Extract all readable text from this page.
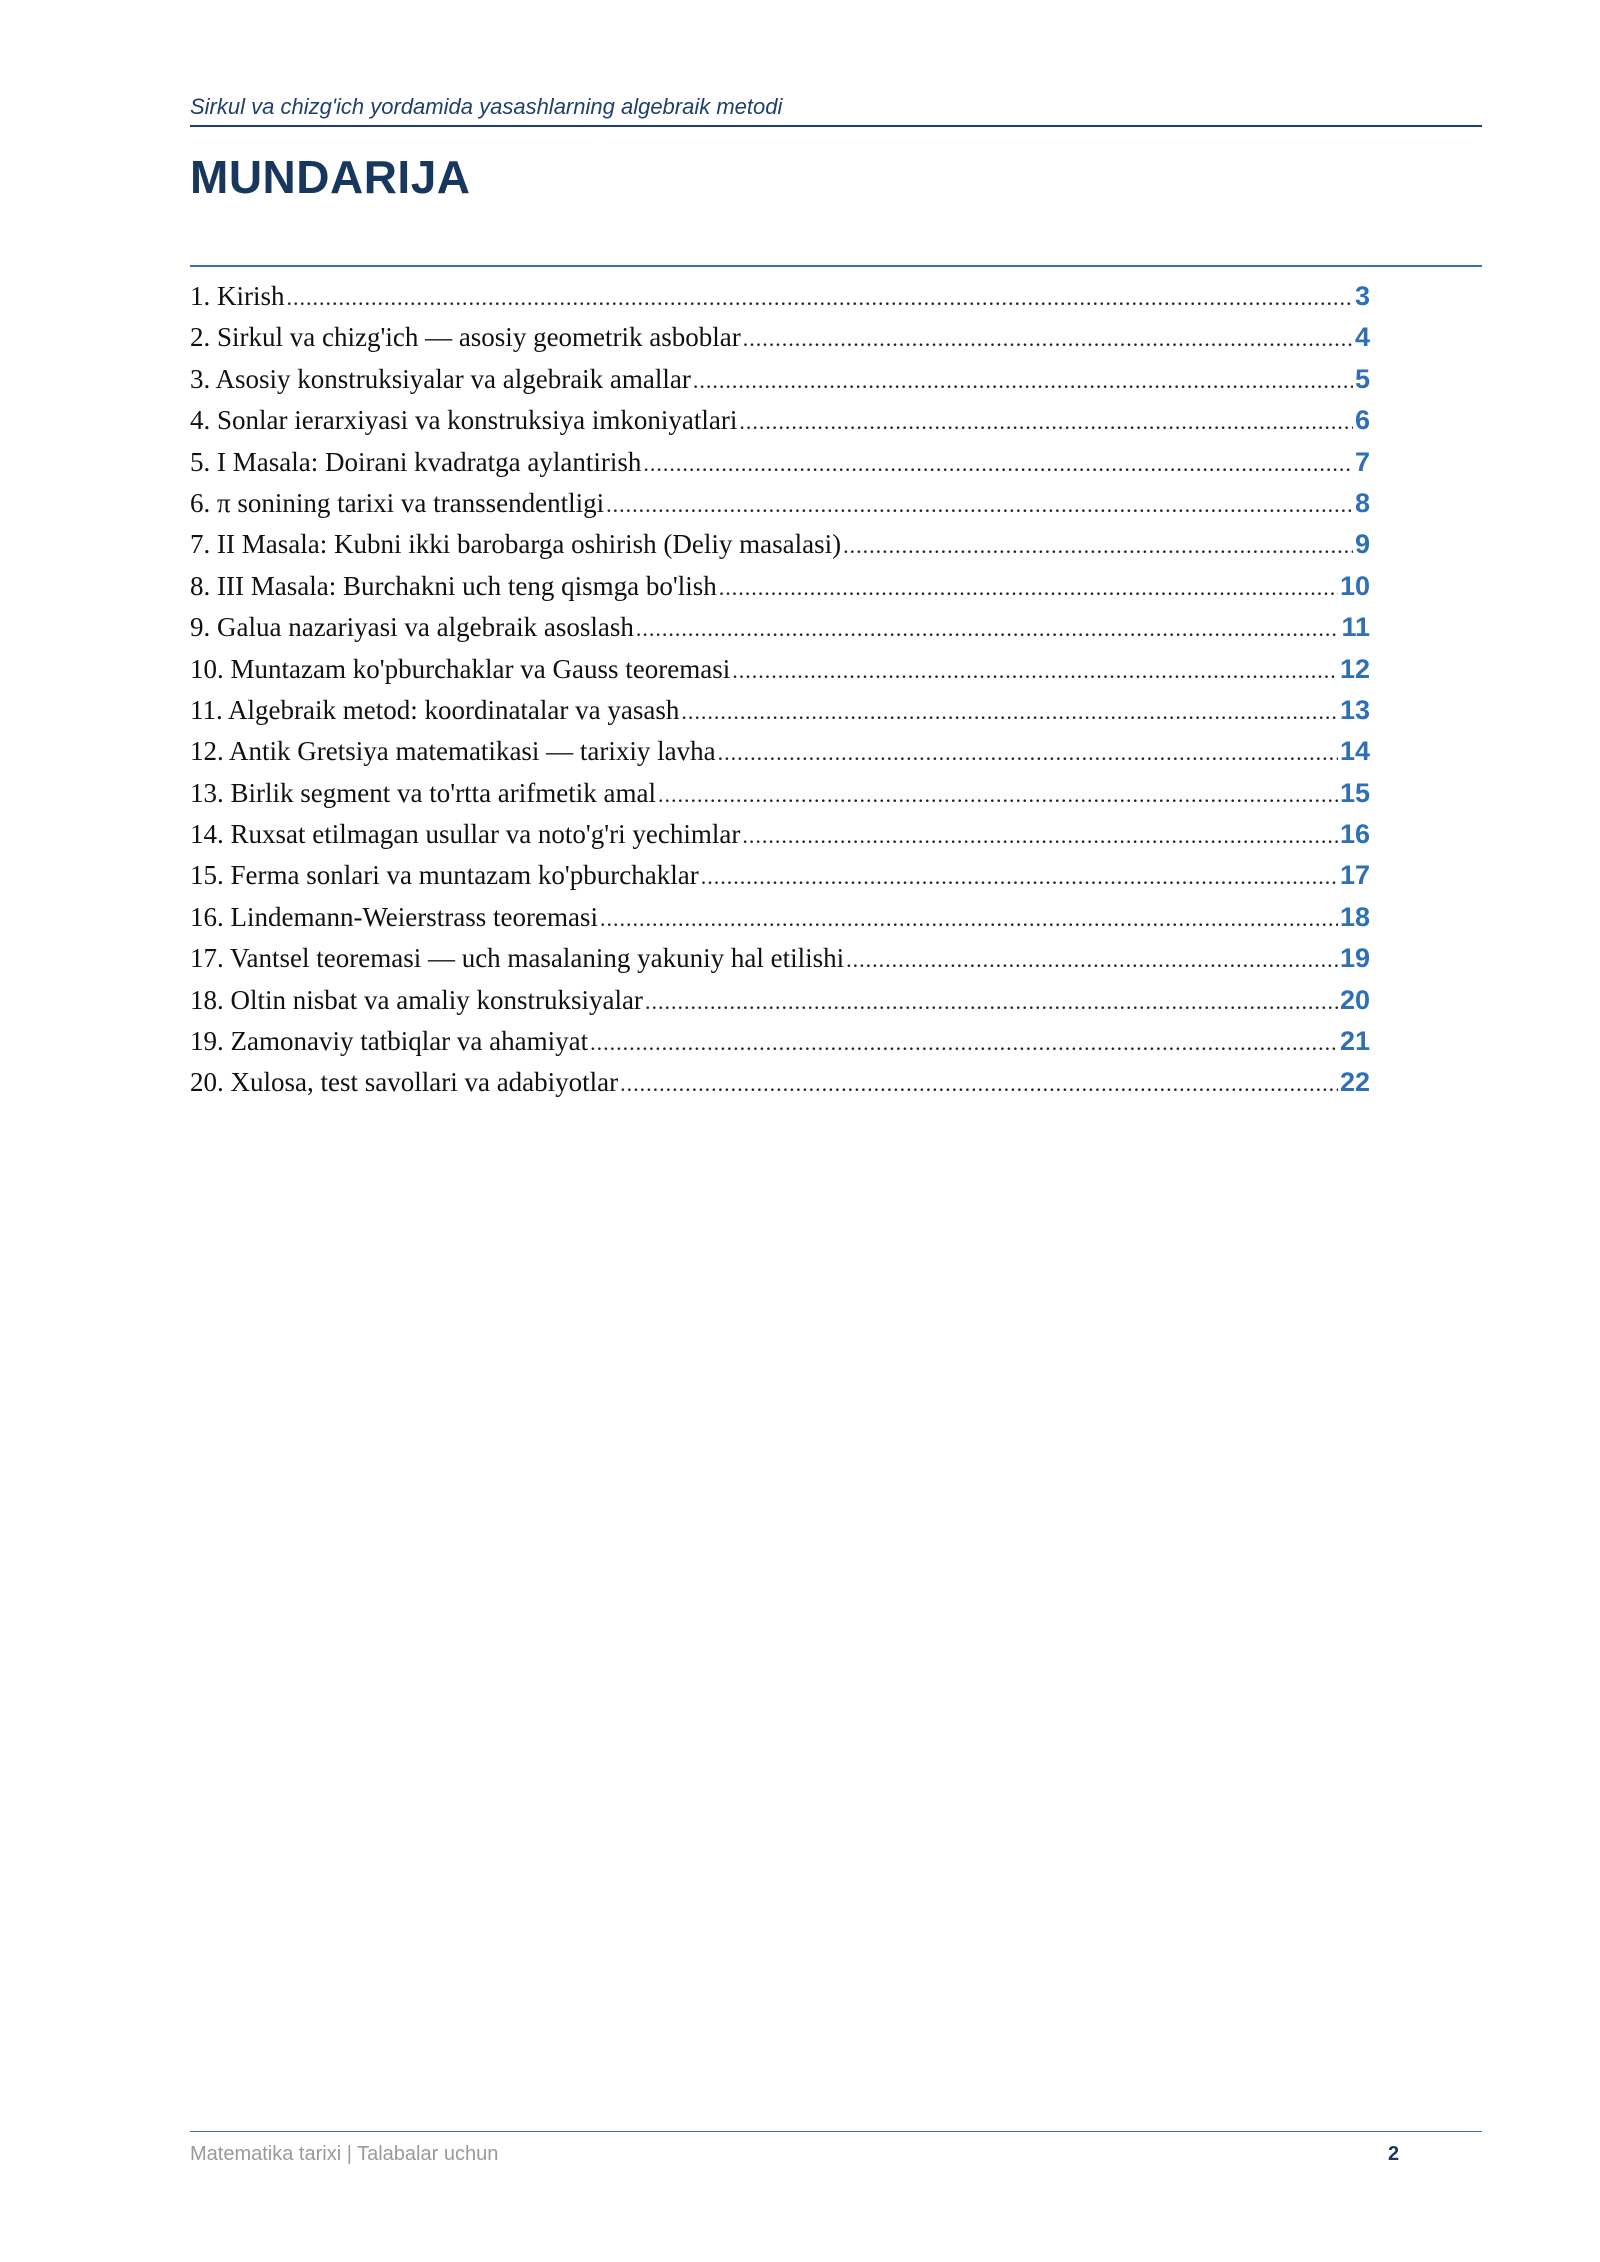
Sirkul va chizg'ich yordamida yasashlarning algebraik metodi
MUNDARIJA
1. Kirish .....	3
2. Sirkul va chizg'ich — asosiy geometrik asboblar .....	4
3. Asosiy konstruksiyalar va algebraik amallar .....	5
4. Sonlar ierarxiyasi va konstruksiya imkoniyatlari .....	6
5. I Masala: Doirani kvadratga aylantirish .....	7
6. π sonining tarixi va transsendentligi .....	8
7. II Masala: Kubni ikki barobarga oshirish (Deliy masalasi) .....	9
8. III Masala: Burchakni uch teng qismga bo'lish .....	10
9. Galua nazariyasi va algebraik asoslash .....	11
10. Muntazam ko'pburchaklar va Gauss teoremasi .....	12
11. Algebraik metod: koordinatalar va yasash .....	13
12. Antik Gretsiya matematikasi — tarixiy lavha .....	14
13. Birlik segment va to'rtta arifmetik amal .....	15
14. Ruxsat etilmagan usullar va noto'g'ri yechimlar .....	16
15. Ferma sonlari va muntazam ko'pburchaklar .....	17
16. Lindemann-Weierstrass teoremasi .....	18
17. Vantsel teoremasi — uch masalaning yakuniy hal etilishi .....	19
18. Oltin nisbat va amaliy konstruksiyalar .....	20
19. Zamonaviy tatbiqlar va ahamiyat .....	21
20. Xulosa, test savollari va adabiyotlar .....	22
Matematika tarixi | Talabalar uchun	2
